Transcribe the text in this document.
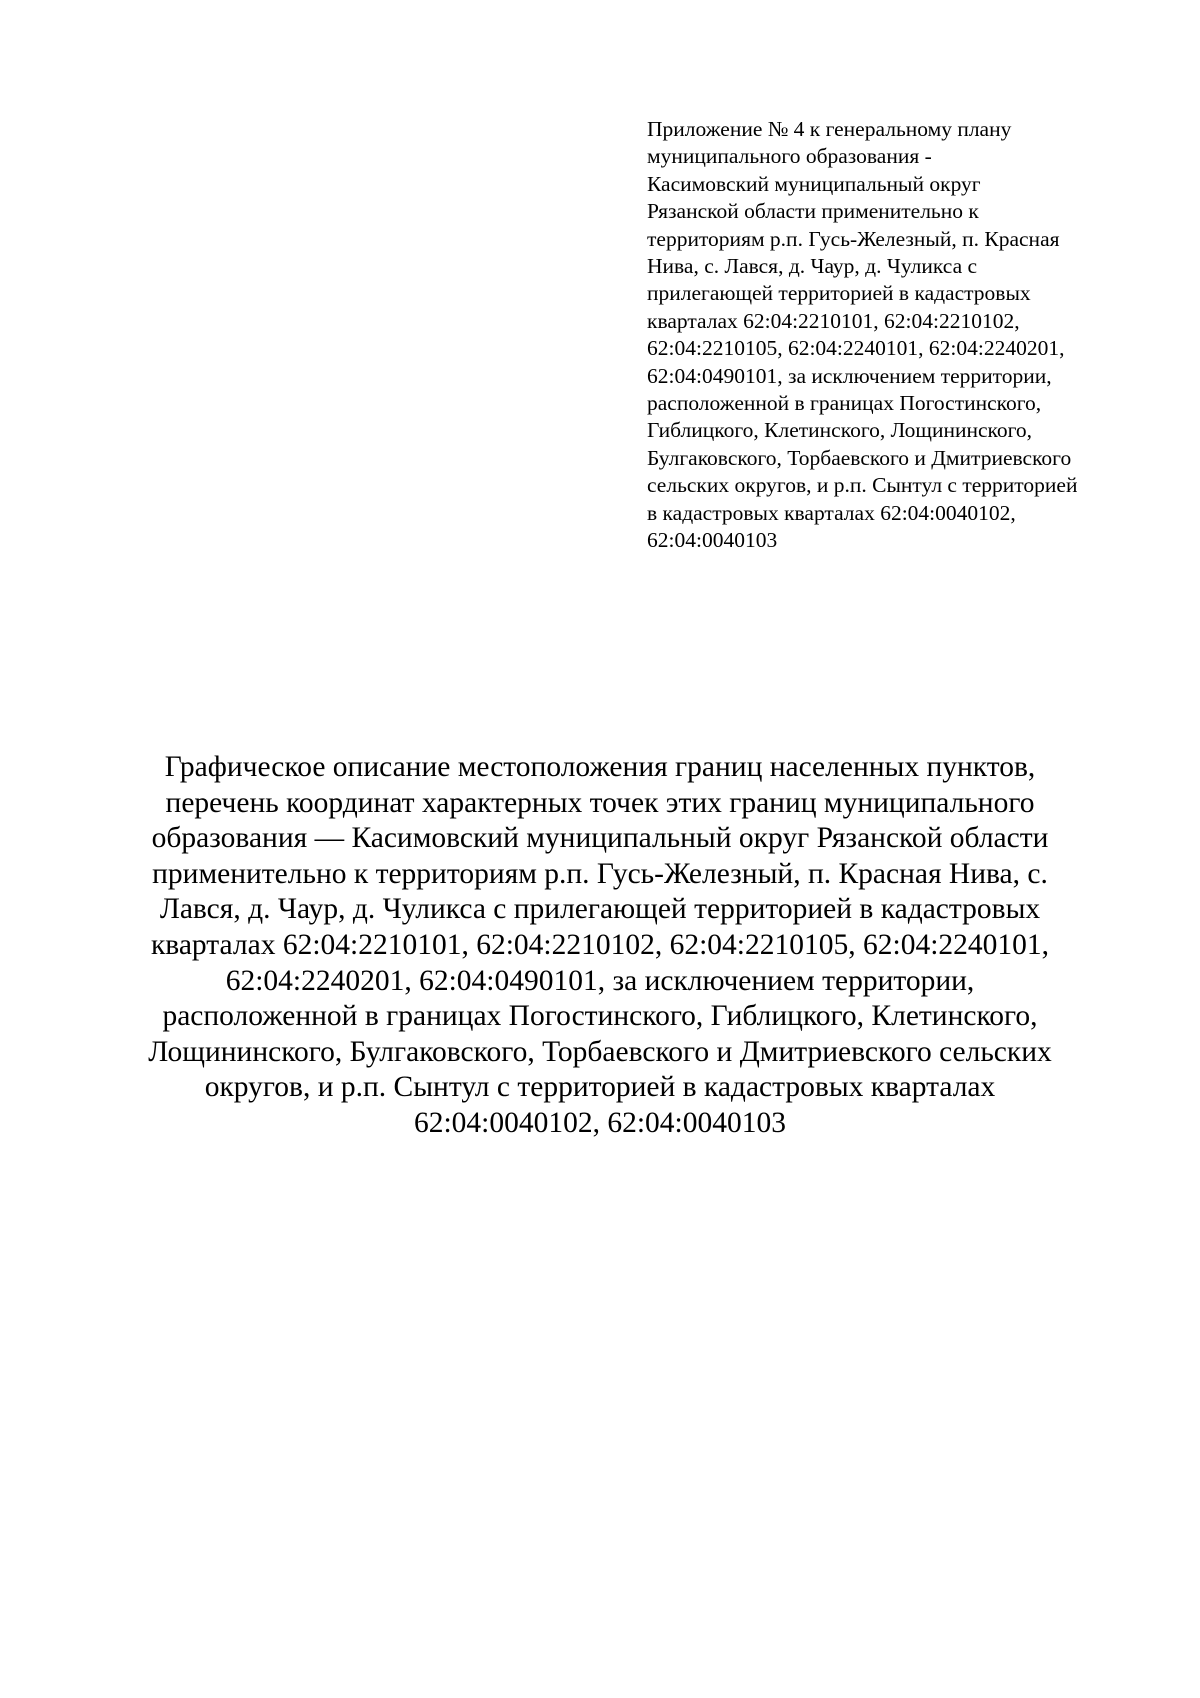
Приложение № 4 к генеральному плану
муниципального образования -
Касимовский муниципальный округ
Рязанской области применительно к
территориям р.п. Гусь-Железный, п. Красная
Нива, с. Лався, д. Чаур, д. Чуликса с
прилегающей территорией в кадастровых
кварталах 62:04:2210101, 62:04:2210102,
62:04:2210105, 62:04:2240101, 62:04:2240201,
62:04:0490101, за исключением территории,
расположенной в границах Погостинского,
Гиблицкого, Клетинского, Лощининского,
Булгаковского, Торбаевского и Дмитриевского
сельских округов, и р.п. Сынтул с территорией
в кадастровых кварталах 62:04:0040102,
62:04:0040103
Графическое описание местоположения границ населенных пунктов,
перечень координат характерных точек этих границ муниципального
образования — Касимовский муниципальный округ Рязанской области
применительно к территориям р.п. Гусь-Железный, п. Красная Нива, с.
Лався, д. Чаур, д. Чуликса с прилегающей территорией в кадастровых
кварталах 62:04:2210101, 62:04:2210102, 62:04:2210105, 62:04:2240101,
62:04:2240201, 62:04:0490101, за исключением территории,
расположенной в границах Погостинского, Гиблицкого, Клетинского,
Лощининского, Булгаковского, Торбаевского и Дмитриевского сельских
округов, и р.п. Сынтул с территорией в кадастровых кварталах
62:04:0040102, 62:04:0040103
